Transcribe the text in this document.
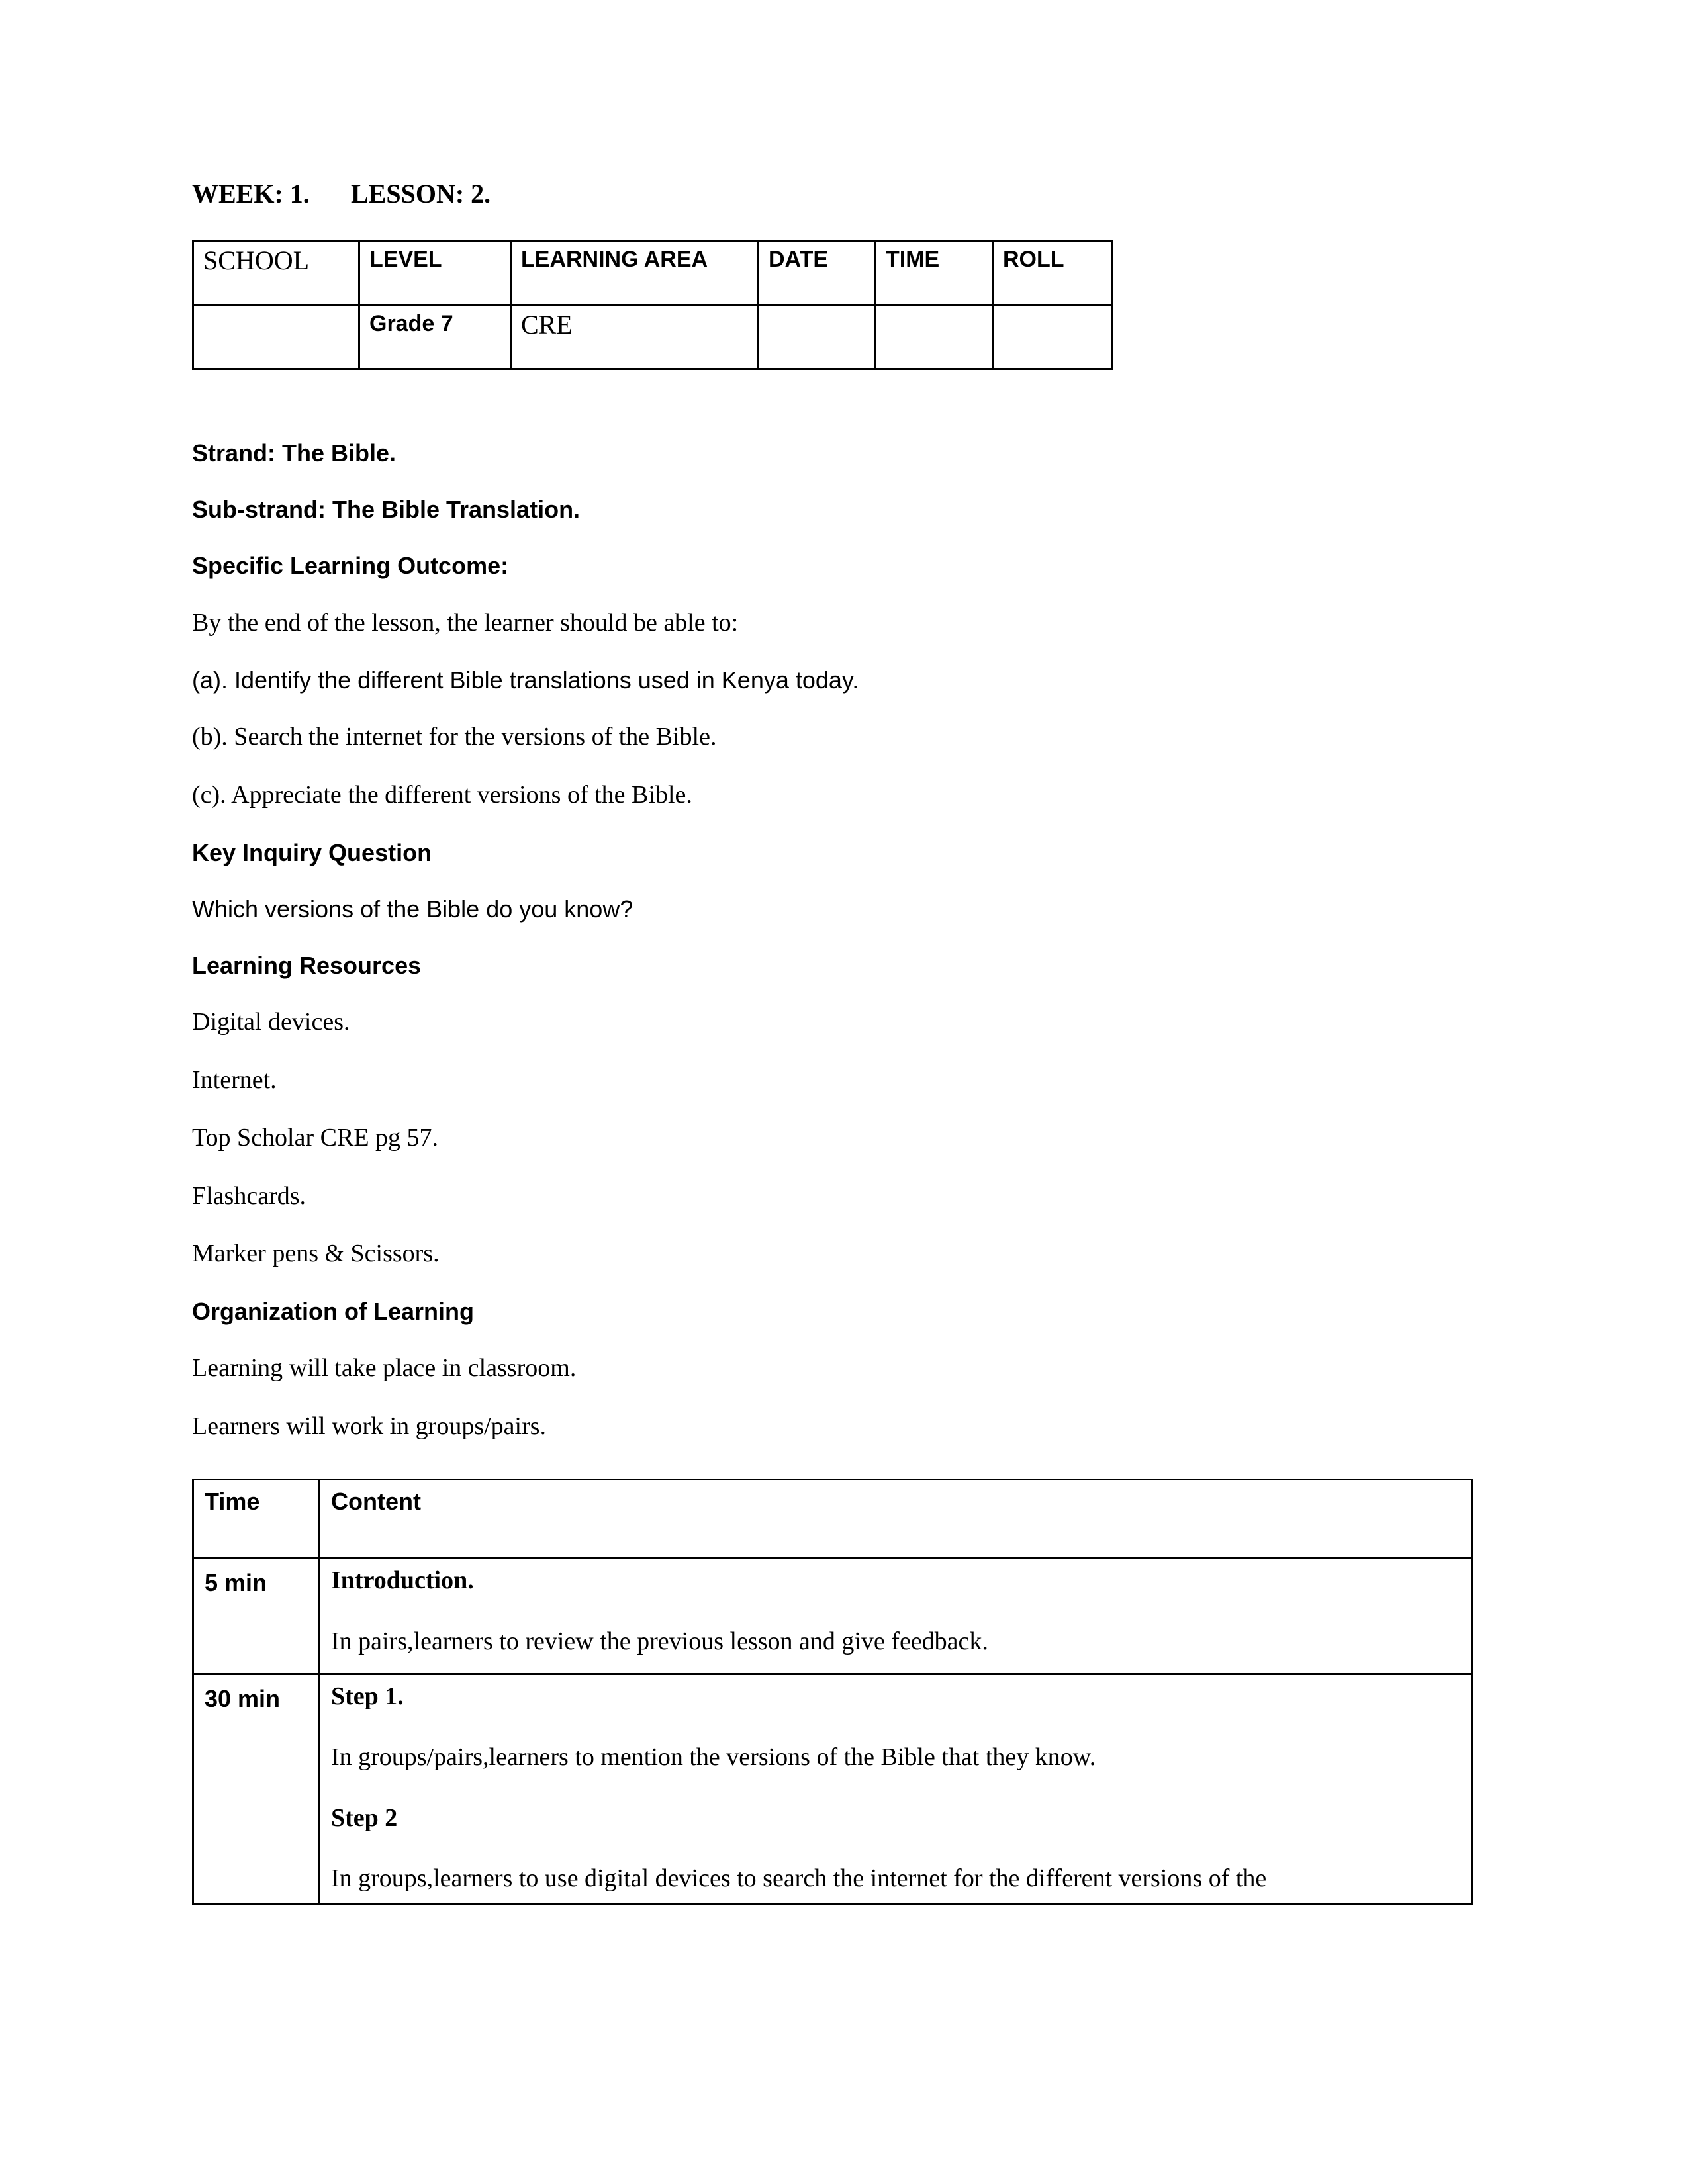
WEEK: 1.	LESSON: 2.
SCHOOL	LEVEL	LEARNING AREA	DATE	TIME	ROLL

	Grade 7	CRE			

Strand: The Bible.
Sub-strand: The Bible Translation.
Specific Learning Outcome:
By the end of the lesson, the learner should be able to:
(a). Identify the different Bible translations used in Kenya today.
(b). Search the internet for the versions of the Bible.
(c). Appreciate the different versions of the Bible.
Key Inquiry Question
Which versions of the Bible do you know?
Learning Resources
Digital devices.
Internet.
Top Scholar CRE pg 57.
Flashcards.
Marker pens & Scissors.
Organization of Learning
Learning will take place in classroom.
Learners will work in groups/pairs.
Time	Content

5 min	Introduction.
In pairs,learners to review the previous lesson and give feedback.

30 min	Step 1.
In groups/pairs,learners to mention the versions of the Bible that they know.
Step 2
In groups,learners to use digital devices to search the internet for the different versions of the
